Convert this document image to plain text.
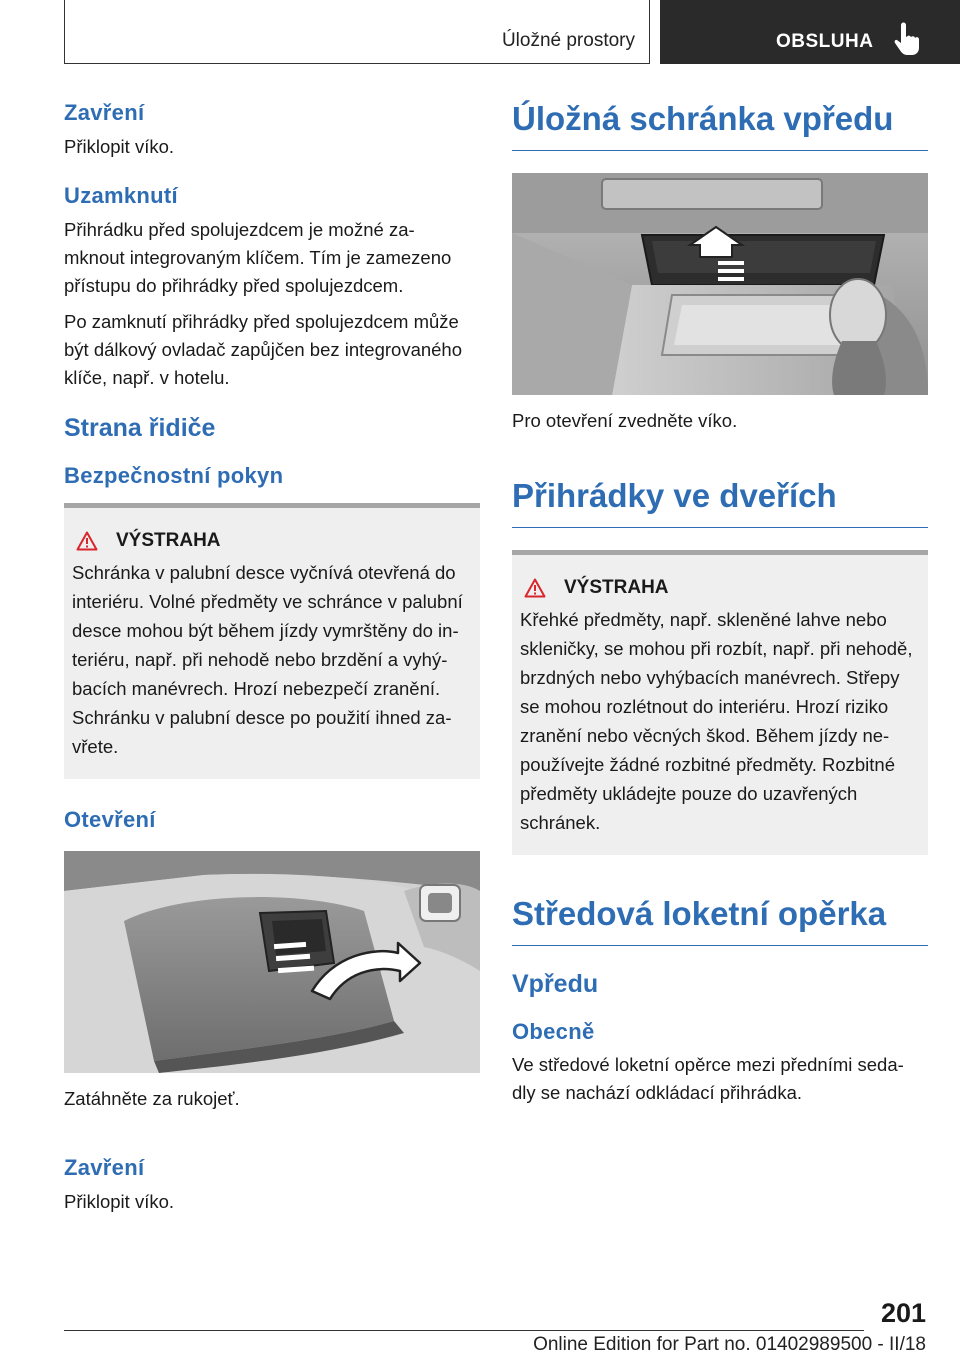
Úložné prostory	OBSLUHA
Zavření
Přiklopit víko.
Uzamknutí
Přihrádku před spolujezdcem je možné za‐
mknout integrovaným klíčem. Tím je zamezeno
přístupu do přihrádky před spolujezdcem.
Po zamknutí přihrádky před spolujezdcem může
být dálkový ovladač zapůjčen bez integrovaného
klíče, např. v hotelu.
Strana řidiče
Bezpečnostní pokyn
VÝSTRAHA
Schránka v palubní desce vyčnívá otevřená do
interiéru. Volné předměty ve schránce v palubní
desce mohou být během jízdy vymrštěny do in‐
teriéru, např. při nehodě nebo brzdění a vyhý‐
bacích manévrech. Hrozí nebezpečí zranění.
Schránku v palubní desce po použití ihned za‐
vřete.
Otevření
Zatáhněte za rukojeť.
Zavření
Přiklopit víko.
Úložná schránka vpředu
Pro otevření zvedněte víko.
Přihrádky ve dveřích
VÝSTRAHA
Křehké předměty, např. skleněné lahve nebo
skleničky, se mohou při rozbít, např. při nehodě,
brzdných nebo vyhýbacích manévrech. Střepy
se mohou rozlétnout do interiéru. Hrozí riziko
zranění nebo věcných škod. Během jízdy ne‐
používejte žádné rozbitné předměty. Rozbitné
předměty ukládejte pouze do uzavřených
schránek.
Středová loketní opěrka
Vpředu
Obecně
Ve středové loketní opěrce mezi předními seda‐
dly se nachází odkládací přihrádka.
201
Online Edition for Part no. 01402989500 - II/18
